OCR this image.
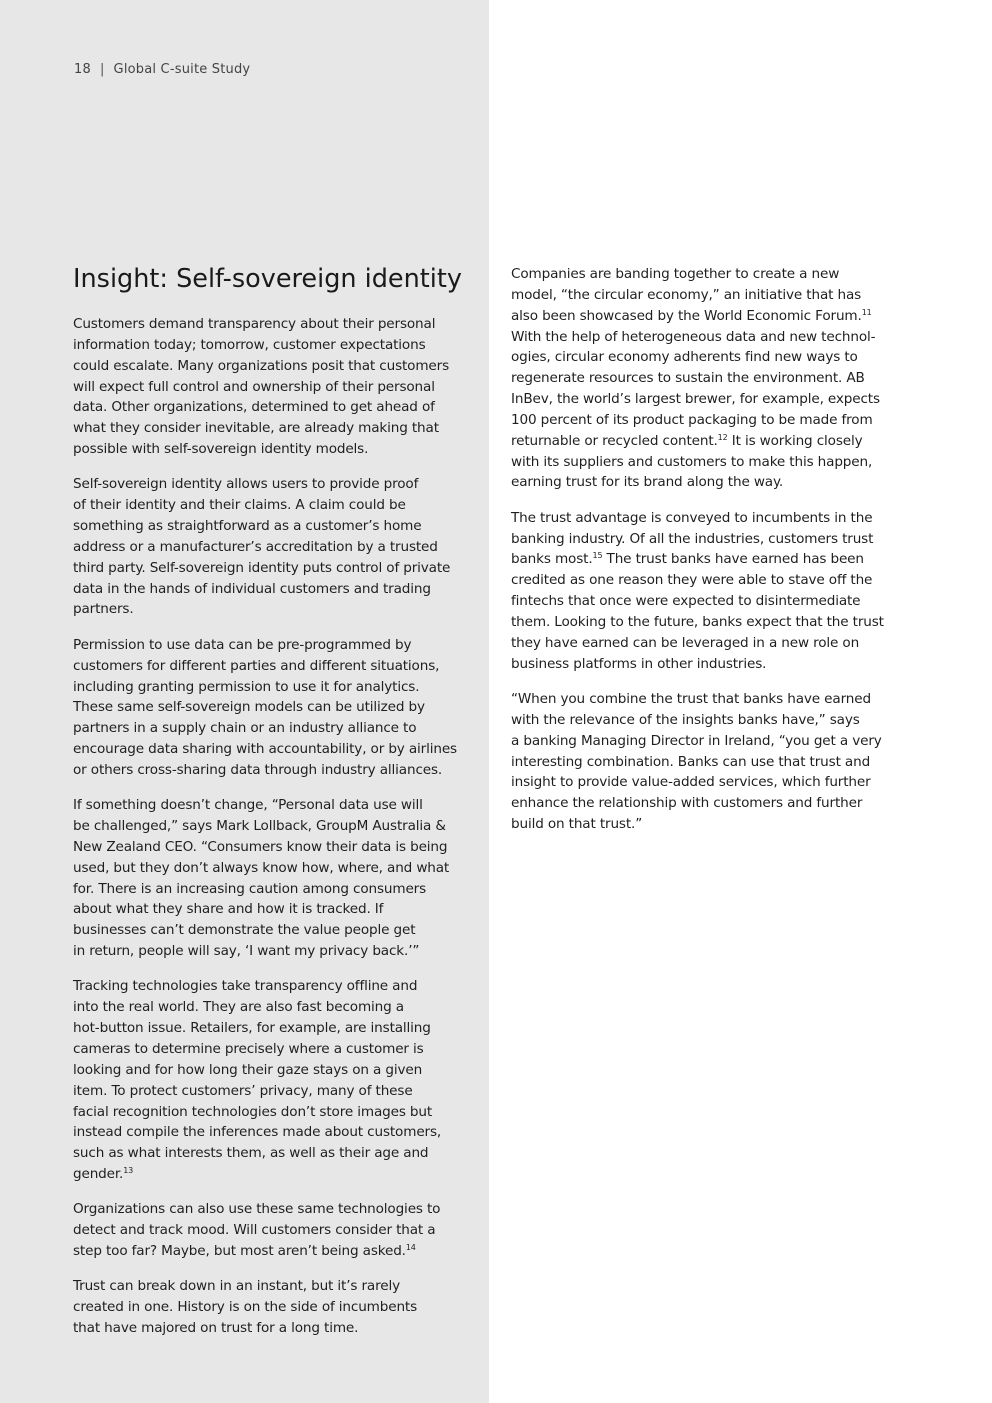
18 | Global C-suite Study
Insight: Self-sovereign identity

Customers demand transparency about their personal
information today; tomorrow, customer expectations
could escalate. Many organizations posit that customers
will expect full control and ownership of their personal
data. Other organizations, determined to get ahead of
what they consider inevitable, are already making that
possible with self-sovereign identity models.

Self-sovereign identity allows users to provide proof
of their identity and their claims. A claim could be
something as straightforward as a customer’s home
address or a manufacturer’s accreditation by a trusted
third party. Self-sovereign identity puts control of private
data in the hands of individual customers and trading
partners.

Permission to use data can be pre-programmed by
customers for different parties and different situations,
including granting permission to use it for analytics.
These same self-sovereign models can be utilized by
partners in a supply chain or an industry alliance to
encourage data sharing with accountability, or by airlines
or others cross-sharing data through industry alliances.

If something doesn’t change, “Personal data use will
be challenged,” says Mark Lollback, GroupM Australia &
New Zealand CEO. “Consumers know their data is being
used, but they don’t always know how, where, and what
for. There is an increasing caution among consumers
about what they share and how it is tracked. If
businesses can’t demonstrate the value people get
in return, people will say, ‘I want my privacy back.’”

Tracking technologies take transparency offline and
into the real world. They are also fast becoming a
hot-button issue. Retailers, for example, are installing
cameras to determine precisely where a customer is
looking and for how long their gaze stays on a given
item. To protect customers’ privacy, many of these
facial recognition technologies don’t store images but
instead compile the inferences made about customers,
such as what interests them, as well as their age and
gender.$^{13}$

Organizations can also use these same technologies to
detect and track mood. Will customers consider that a
step too far? Maybe, but most aren’t being asked.$^{14}$

Trust can break down in an instant, but it’s rarely
created in one. History is on the side of incumbents
that have majored on trust for a long time.

Companies are banding together to create a new
model, “the circular economy,” an initiative that has
also been showcased by the World Economic Forum.$^{11}$
With the help of heterogeneous data and new technol-
ogies, circular economy adherents find new ways to
regenerate resources to sustain the environment. AB
InBev, the world’s largest brewer, for example, expects
100 percent of its product packaging to be made from
returnable or recycled content.$^{12}$ It is working closely
with its suppliers and customers to make this happen,
earning trust for its brand along the way.

The trust advantage is conveyed to incumbents in the
banking industry. Of all the industries, customers trust
banks most.$^{15}$ The trust banks have earned has been
credited as one reason they were able to stave off the
fintechs that once were expected to disintermediate
them. Looking to the future, banks expect that the trust
they have earned can be leveraged in a new role on
business platforms in other industries.

“When you combine the trust that banks have earned
with the relevance of the insights banks have,” says
a banking Managing Director in Ireland, “you get a very
interesting combination. Banks can use that trust and
insight to provide value-added services, which further
enhance the relationship with customers and further
build on that trust.”
